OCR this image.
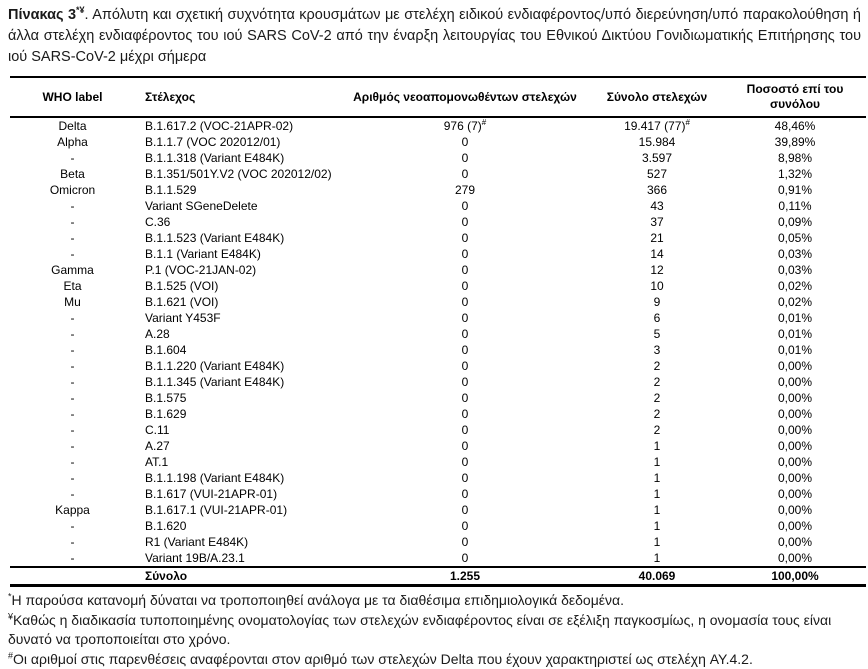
Πίνακας 3*¥. Απόλυτη και σχετική συχνότητα κρουσμάτων με στελέχη ειδικού ενδιαφέροντος/υπό διερεύνηση/υπό παρακολούθηση ή άλλα στελέχη ενδιαφέροντος του ιού SARS CoV-2 από την έναρξη λειτουργίας του Εθνικού Δικτύου Γονιδιωματικής Επιτήρησης του ιού SARS-CoV-2 μέχρι σήμερα

WHO label	Στέλεχος	Αριθμός νεοαπομονωθέντων στελεχών	Σύνολο στελεχών	Ποσοστό επί του συνόλου
Delta	B.1.617.2 (VOC-21APR-02)	976 (7)#	19.417 (77)#	48,46%
Alpha	B.1.1.7 (VOC 202012/01)	0	15.984	39,89%
-	B.1.1.318 (Variant E484K)	0	3.597	8,98%
Beta	B.1.351/501Y.V2 (VOC 202012/02)	0	527	1,32%
Omicron	B.1.1.529	279	366	0,91%
-	Variant SGeneDelete	0	43	0,11%
-	C.36	0	37	0,09%
-	B.1.1.523 (Variant E484K)	0	21	0,05%
-	B.1.1 (Variant E484K)	0	14	0,03%
Gamma	P.1 (VOC-21JAN-02)	0	12	0,03%
Eta	B.1.525 (VOI)	0	10	0,02%
Mu	B.1.621 (VOI)	0	9	0,02%
-	Variant Y453F	0	6	0,01%
-	A.28	0	5	0,01%
-	B.1.604	0	3	0,01%
-	B.1.1.220 (Variant E484K)	0	2	0,00%
-	B.1.1.345 (Variant E484K)	0	2	0,00%
-	B.1.575	0	2	0,00%
-	B.1.629	0	2	0,00%
-	C.11	0	2	0,00%
-	A.27	0	1	0,00%
-	AT.1	0	1	0,00%
-	B.1.1.198 (Variant E484K)	0	1	0,00%
-	B.1.617 (VUI-21APR-01)	0	1	0,00%
Kappa	B.1.617.1 (VUI-21APR-01)	0	1	0,00%
-	B.1.620	0	1	0,00%
-	R1 (Variant E484K)	0	1	0,00%
-	Variant 19B/A.23.1	0	1	0,00%
	Σύνολο	1.255	40.069	100,00%

*Η παρούσα κατανομή δύναται να τροποποιηθεί ανάλογα με τα διαθέσιμα επιδημιολογικά δεδομένα.

¥Καθώς η διαδικασία τυποποιημένης ονοματολογίας των στελεχών ενδιαφέροντος είναι σε εξέλιξη παγκοσμίως, η ονομασία τους είναι δυνατό να τροποποιείται στο χρόνο.

#Οι αριθμοί στις παρενθέσεις αναφέρονται στον αριθμό των στελεχών Delta που έχουν χαρακτηριστεί ως στελέχη AY.4.2.
